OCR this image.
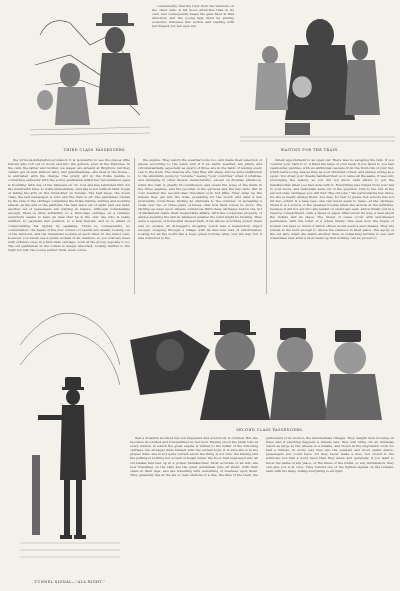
THIRD CLASS PASSENGERS.	WAITING FOR THE TRAIN.

conveniently, that the river from the windows on the other side, is far more attractive than in its own; and consequently keeps his gaze fixed in that direction; and the young lady must be putting economic influence into action, and reading with her fingers, for her eyes are

the virtuous-indignation-professor, it is wonderful to see the places little fellows who roll out of doors and into the gutters, even in the Minories. In the cars, the father and mother, we wager, are already at Brighton; but they cannot get on well without baby, and grandmamma—she lives in the house—is entrusted with the charge. The pretty girl in the Polka mantle is conversing earnestly with the young gentleman whilst her vulcanization papa is troubling with one of the hampers-on. So now she has reminded him, for the hundredth time, to write immediately; and she is not without faint hopes of taking his arm on the Chain-Pier on Sunday. The half sleep, the dozer class, the last newspaper is told, and the train is off. The gentlemen rushes by the side of the carriage containing the Polka mantle, smiling and nodding almost, as the end of the platform; the men wave out of sight, and one light, another set of passengers are waiting at leisure. Although considerable enough, there is little suitability to a first-class carriage on a railway; everybody seems to have an idea that he is the only one who is really entitled, by payment and position, to a seat therein, and so is afraid of compromising his dignity by speaking. There is, consequently, no conversation: the heads of the four corner occupants are usually looking out of the windows, and the remainder looking at each other. In the minor cars, however, you rarely see a pretty woman in an omnibus, so you scarcely meet with ordinary ones in a first-class carriage. Look at the group opposite to us. The old gentleman in the corner is deeply absorbed, looking neither to the right nor left; the young soldier finds, most conve-

the engine. They watch the weathercocks too, and make their selection of places according to the wind; and if it be warm weather, are jittery and circumstantially, especially as guard of three are in the habit of waving every one to the train. The chances are, that they will sleep, and be quite indifferent to the windmills going by "outside," seeing "your countries" when it whistles, and indulging in other facetie characteristic, except on Monday afternoon, when the rush is greatly ill-conditioned, and clears the noise of the fields in the three engines, and the peculiar of the gardens and the hay-carts. But in cold weather the second-class travellers look but little. They wrap up the minute they get into the train, preparing for the worst; and after a few profoundly correctness finding an umbrella to the outsider, or spreading a cloak over two or three pairs of knees—this how their voices no more. The rattling up-ways upon wheels, numerous third-class carriages before the Act of Parliament made them respectable affairs, with the occasional property of always seeming the rain in whatever quarter the wind might be blowing. They were a species of horizontal shower-bath, from whose scorching power there was no escape, an ill-beggar's dropping coach was a melancholy object enough, creeping through a village with its innocent load of unfortunates, looking for all the world like a huge green tortoise lying over the hay; but it was scattered to the

fullest appointment to an open car. There was no escaping the rain. If you covered your back to it, it filled the nape of your neck; if you faced it, you had swallowing puddles, with an additional cascade from the front-rim of your hat, which before long was as limp as your throttled cravat, and always acting as a spout. You dried your cheeks handkerchief, so it came all the same, it was only prolonging the misery, as you did not know until where to put the handkerchief when you had done with it. Everything was ruined from your hat to your boots, and umbrellas were out of the question. Tiny to me, but in the second-class carriages you will find "the old joke." We particularize her since, for she is nearly always there. You may, for fear to guess, but nobody has not let her—which is a leap less—she can never seem to relax—at the carriage. There it is a source of the greatest trouble when she arrives at the terminus, because it did not get into any basket or under any seat; and is finally put in a reserve compartment, with a sheet of paper filled about its way, a deal about the tickets and its place. The nicest of cases occur with sad-dressed gentlemen, with the toilet of a whole family. One sees how the hopes of women can have so much of which others would seem a sure shakes. They are tokens at the bent enough to whose the shadows in their place. The agony of the old lady, when she wants another time, is something terrible to see; and sometimes ever after a blow beats up that nothing can be proved to

TUNNEL SIGNAL—"ALL RIGHT."
SECOND CLASS PASSENGERS.

that a dreadful accident has not happened and everybody is crushed. But she becomes reconciled and tranquillized by her luck. Having stood the ninth tolls at every station, in which the great engine is turned to the buffer of the following carriage, the stranger finds himself with the certain boys. It is sure she is in the proper train, she is not quite certain about the thing is not lost; the hissing and the puffing is nothing but a rush of steam under the floor, half expressed into an old basket had tied up in a pocket handkerchief. Most accurate of all who are now travelling on the rails are the quiet gentlemen who sit silent, with their cases in their laps, and are travelling with something of business upon them. They generally live at the far or near stations of a line, the time of the train, the particulars of its motion, the intermediate villages. They delight most in being on time; and if anything happens a minute late, they will bring out an immense watch as large as the wheels of a whistle, and frown at the ungrateful clock for half a minute. In every way they are the quietest and most useful fellow-passengers you could have, for they never make a fuss, nor crowd to the windows, nor talk a word more than they need; and generally, if you want to know the name of any place, or the times of the trains, or any information, they can give you it at once. They remind one of the lighted signals on the tunnels, each with his lamp, telling everything is all right.
